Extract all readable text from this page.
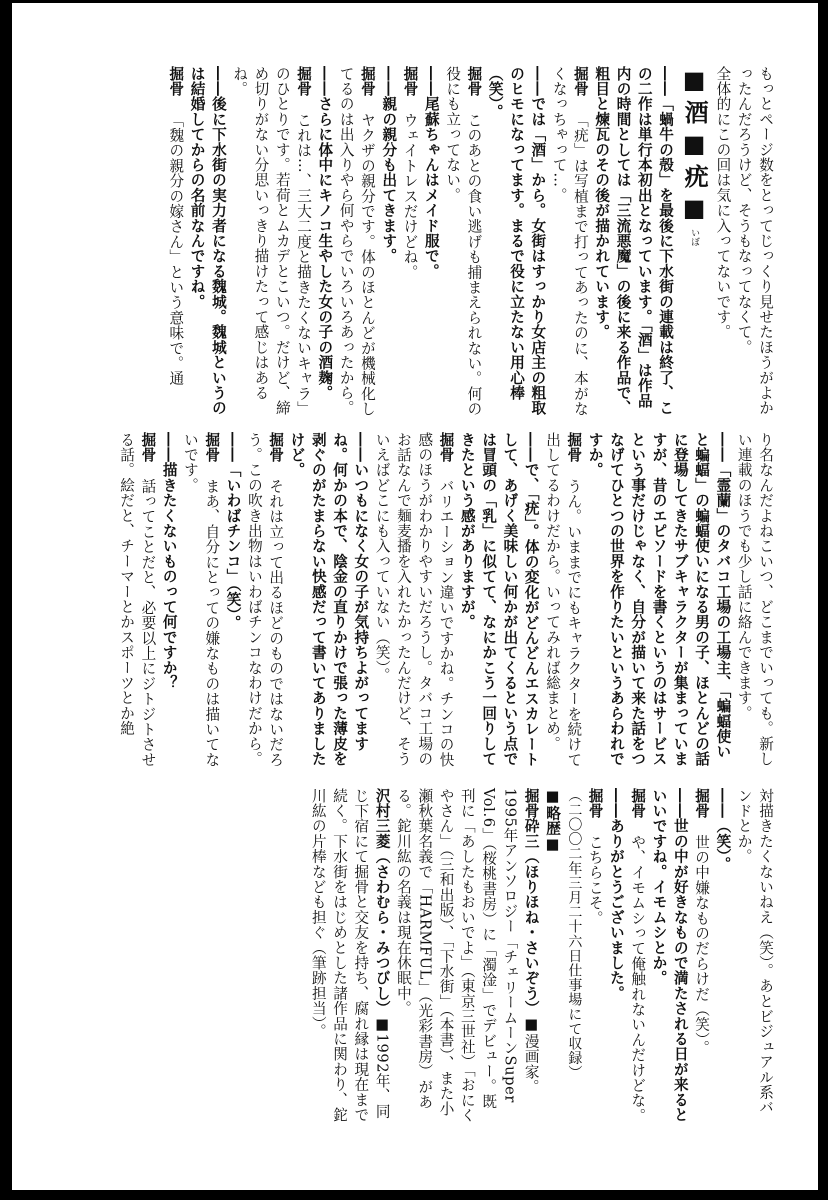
もっとページ数をとってじっくり見せたほうがよかったんだろうけど、そうもなってなくて。

全体的にこの回は気に入ってないです。

■酒■疣■いぼ

――「蝸牛の殻」を最後に下水街の連載は終了、この二作は単行本初出となっています。「酒」は作品内の時間としては「三流悪魔」の後に来る作品で、粗目と煉瓦のその後が描かれています。

掘骨「疣」は写植まで打ってあったのに、本がなくなっちゃって…。

――では「酒」から。女街はすっかり女店主の粗取のヒモになってます。まるで役に立たない用心棒（笑）。

掘骨このあとの食い逃げも捕まえられない。何の役にも立ってない。

――尾蘇ちゃんはメイド服で。

掘骨ウェイトレスだけどね。

――親の親分も出てきます。

掘骨ヤクザの親分です。体のほとんどが機械化してるのは出入りやら何やらでいろいろあったから。

――さらに体中にキノコ生やした女の子の酒麹。

掘骨これは…、三大二度と描きたくないキャラ」のひとりです。若荷とムカデとこいつ。だけど、締め切りがない分思いっきり描けたって感じはあるね。

――後に下水街の実力者になる魏城。魏城というのは結婚してからの名前なんですね。

掘骨「魏の親分の嫁さん」という意味で。通

り名なんだよねこいつ、どこまでいっても。新しい連載のほうでも少し話に絡んできます。

――「霊蘭」のタバコ工場の工場主、「蝙蝠使いと蝙蝠」の蝙蝠使いになる男の子、ほとんどの話に登場してきたサブキャラクターが集まっていますが、昔のエピソードを書くというのはサービスという事だけじゃなく、自分が描いて来た話をつなげてひとつの世界を作りたいというあらわれですか。

掘骨うん。いままでにもキャラクターを続けて出してるわけだから。いってみれば総まとめ。

――で、「疣」。体の変化がどんどんエスカレートして、あげく美味しい何かが出てくるという点では冒頭の「乳」に似てて、なにかこう一回りしてきたという感がありますが。

掘骨バリエーション違いですかね。チンコの快感のほうがわかりやすいだろうし。タバコ工場のお話なんで麺麦播を入れたかったんだけど、そういえばどこにも入っていない（笑）。

――いつもになく女の子が気持ちよがってますね。何かの本で、陰金の直りかけで張った薄皮を剥ぐのがたまらない快感だって書いてありましたけど。

掘骨それは立って出るほどのものではないだろう。この吹き出物はいわばチンコなわけだから。

――「いわばチンコ」（笑）。

掘骨まあ、自分にとっての嫌なものは描いてないです。

――描きたくないものって何ですか？

掘骨話ってことだと、必要以上にジトジトさせる話。絵だと、チーマーとかスポーツとか絶

対描きたくないねえ（笑）。あとビジュアル系バンドとか。

――（笑）。

掘骨世の中嫌なものだらけだ（笑）。

――世の中が好きなもので満たされる日が来るといいですね。イモムシとか。

掘骨や、イモムシって俺触れないんだけどな。

――ありがとうございました。

掘骨こちらこそ。

（二〇〇二年三月二十六日仕事場にて収録）

■略歴■

掘骨砕三（ほりほね・さいぞう）■漫画家。1995年アンソロジー「チェリームーンSuper Vol.6」（桜桃書房）に「濁淦」でデビュー。既刊に「あしたもおいでよ」（東京三世社）「おにくやさん」（三和出版）、「下水街」（本書）、また小瀬秋葉名義で「HARMFUL」（光彩書房）がある。鉈川紘の名義は現在休眠中。

沢村三菱（さわむら・みつびし）■1992年、同じ下宿にて掘骨と交友を持ち、腐れ縁は現在まで続く。下水街をはじめとした諸作品に関わり、鉈川紘の片棒なども担ぐ（筆跡担当）。
